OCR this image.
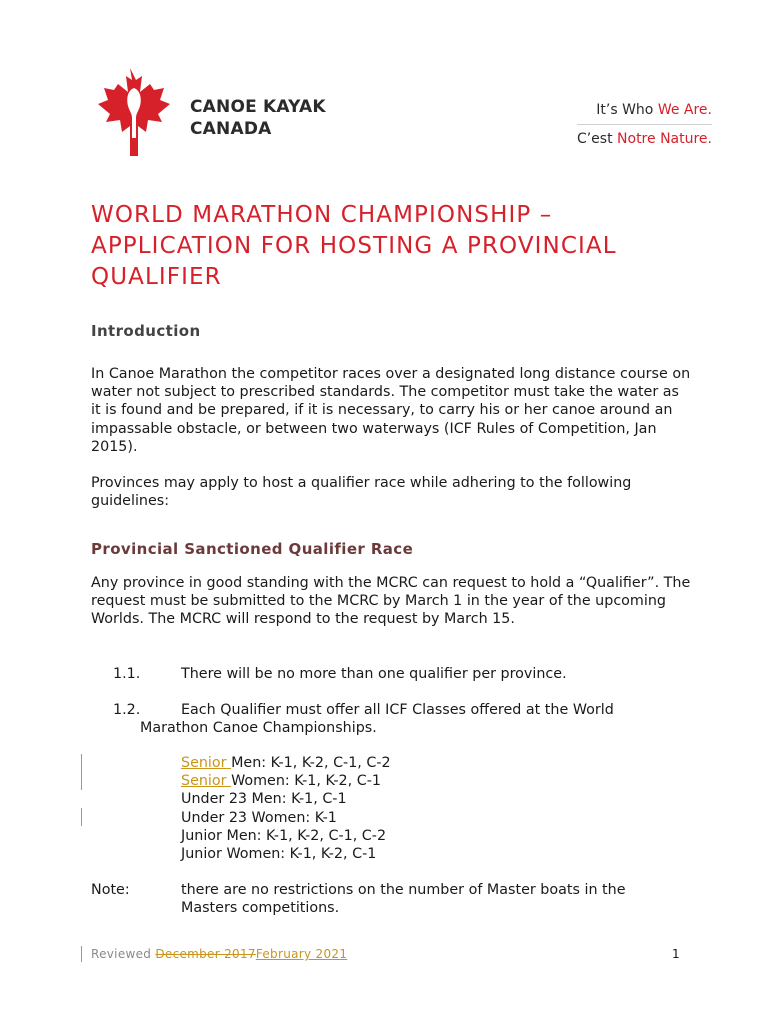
CANOE KAYAK
CANADA
It’s Who We Are.
C’est Notre Nature.
WORLD MARATHON CHAMPIONSHIP – APPLICATION FOR HOSTING A PROVINCIAL QUALIFIER
Introduction
In Canoe Marathon the competitor races over a designated long distance course on water not subject to prescribed standards. The competitor must take the water as it is found and be prepared, if it is necessary, to carry his or her canoe around an impassable obstacle, or between two waterways (ICF Rules of Competition, Jan 2015).
Provinces may apply to host a qualifier race while adhering to the following guidelines:
Provincial Sanctioned Qualifier Race
Any province in good standing with the MCRC can request to hold a “Qualifier”. The request must be submitted to the MCRC by March 1 in the year of the upcoming Worlds. The MCRC will respond to the request by March 15.
1.1.	There will be no more than one qualifier per province.
1.2.	Each Qualifier must offer all ICF Classes offered at the World
Marathon Canoe Championships.
Senior Men: K-1, K-2, C-1, C-2
Senior Women: K-1, K-2, C-1
Under 23 Men: K-1, C-1
Under 23 Women: K-1
Junior Men: K-1, K-2, C-1, C-2
Junior Women: K-1, K-2, C-1
Note:	there are no restrictions on the number of Master boats in the Masters competitions.
Reviewed December 2017February 2021	1
